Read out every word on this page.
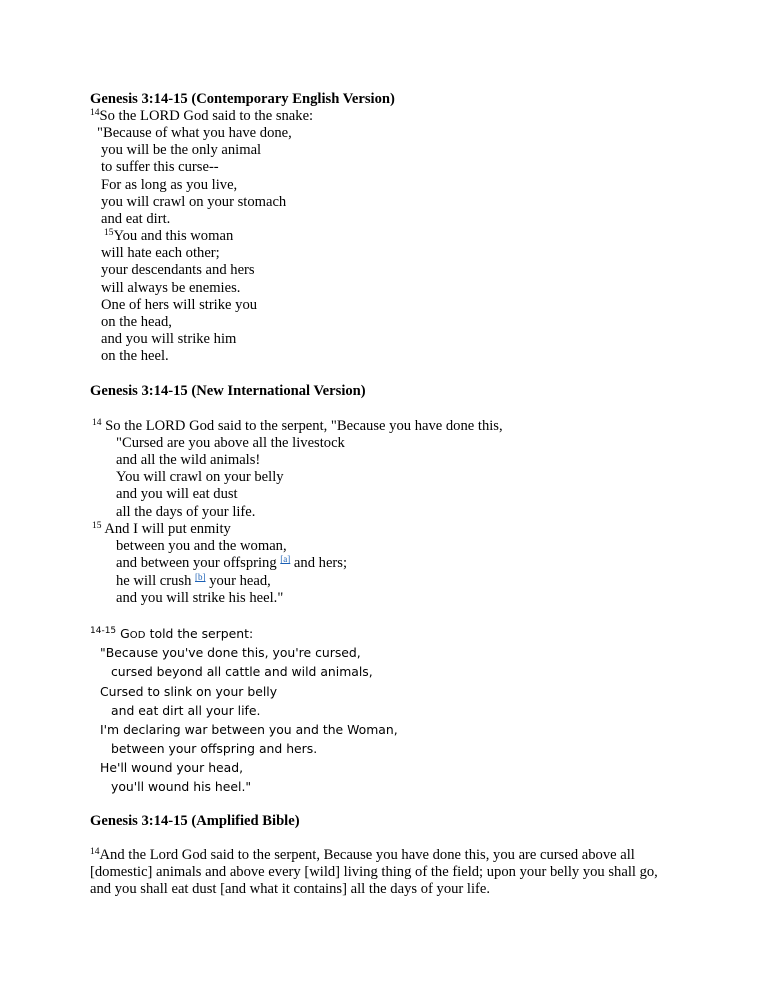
Genesis 3:14-15 (Contemporary English Version)
$^{14}$So the LORD God said to the snake:
"Because of what you have done,
you will be the only animal
to suffer this curse--
For as long as you live,
you will crawl on your stomach
and eat dirt.
$^{15}$You and this woman
will hate each other;
your descendants and hers
will always be enemies.
One of hers will strike you
on the head,
and you will strike him
on the heel.
Genesis 3:14-15 (New International Version)
$^{14}$ So the LORD God said to the serpent, "Because you have done this,
"Cursed are you above all the livestock
and all the wild animals!
You will crawl on your belly
and you will eat dust
all the days of your life.
$^{15}$ And I will put enmity
between you and the woman,
and between your offspring [a] and hers;
he will crush [b] your head,
and you will strike his heel."
$^{14-15}$ GOD told the serpent:
"Because you've done this, you're cursed,
cursed beyond all cattle and wild animals,
Cursed to slink on your belly
and eat dirt all your life.
I'm declaring war between you and the Woman,
between your offspring and hers.
He'll wound your head,
you'll wound his heel."
Genesis 3:14-15 (Amplified Bible)
$^{14}$And the Lord God said to the serpent, Because you have done this, you are cursed above all
[domestic] animals and above every [wild] living thing of the field; upon your belly you shall go,
and you shall eat dust [and what it contains] all the days of your life.
